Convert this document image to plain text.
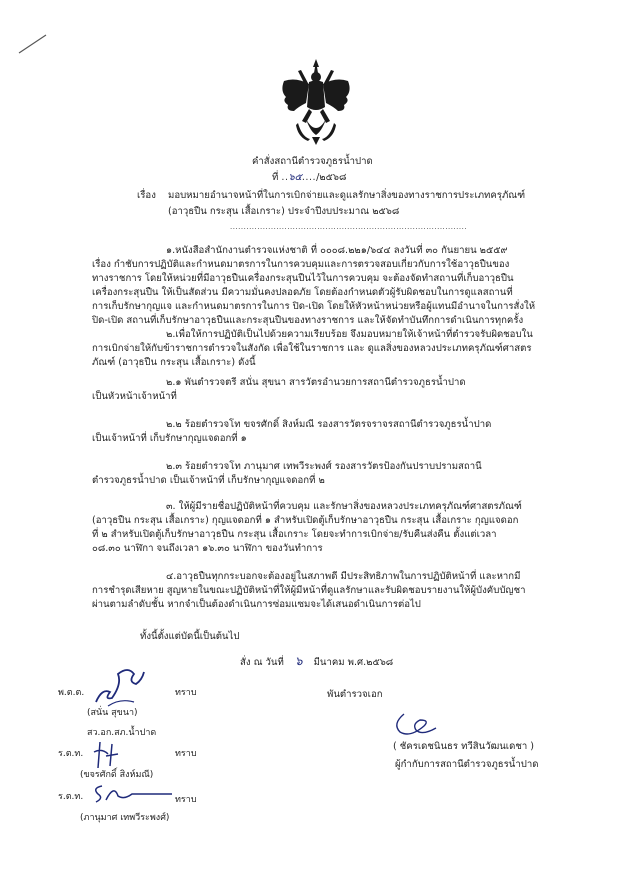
คำสั่งสถานีตำรวจภูธรน้ำปาด
ที่ ..๖๕..../๒๕๖๘
เรื่อง มอบหมายอำนาจหน้าที่ในการเบิกจ่ายและดูแลรักษาสิ่งของทางราชการประเภทครุภัณฑ์
(อาวุธปืน กระสุน เสื้อเกราะ) ประจำปีงบประมาณ ๒๕๖๘
.......................................................................................
๑.หนังสือสำนักงานตำรวจแห่งชาติ ที่ ๐๐๐๘.๒๒๑/๖๔๔ ลงวันที่ ๓๐ กันยายน ๒๕๕๙
เรื่อง กำชับการปฏิบัติและกำหนดมาตรการในการควบคุมและการตรวจสอบเกี่ยวกับการใช้อาวุธปืนของ
ทางราชการ โดยให้หน่วยที่มีอาวุธปืนเครื่องกระสุนปืนไว้ในการควบคุม จะต้องจัดทำสถานที่เก็บอาวุธปืน
เครื่องกระสุนปืน ให้เป็นสัดส่วน มีความมั่นคงปลอดภัย โดยต้องกำหนดตัวผู้รับผิดชอบในการดูแลสถานที่
การเก็บรักษากุญแจ และกำหนดมาตรการในการ ปิด-เปิด โดยให้หัวหน้าหน่วยหรือผู้แทนมีอำนาจในการสั่งให้
ปิด-เปิด สถานที่เก็บรักษาอาวุธปืนและกระสุนปืนของทางราชการ และให้จัดทำบันทึกการดำเนินการทุกครั้ง
๒.เพื่อให้การปฏิบัติเป็นไปด้วยความเรียบร้อย จึงมอบหมายให้เจ้าหน้าที่ตำรวจรับผิดชอบใน
การเบิกจ่ายให้กับข้าราชการตำรวจในสังกัด เพื่อใช้ในราชการ และ ดูแลสิ่งของหลวงประเภทครุภัณฑ์ศาสตร
ภัณฑ์ (อาวุธปืน กระสุน เสื้อเกราะ) ดังนี้
๒.๑ พันตำรวจตรี สนั่น สุขนา สารวัตรอำนวยการสถานีตำรวจภูธรน้ำปาด
เป็นหัวหน้าเจ้าหน้าที่
๒.๒ ร้อยตำรวจโท ขจรศักดิ์ สิงห์มณี รองสารวัตรจราจรสถานีตำรวจภูธรน้ำปาด
เป็นเจ้าหน้าที่ เก็บรักษากุญแจดอกที่ ๑
๒.๓ ร้อยตำรวจโท ภานุมาศ เทพวีระพงศ์ รองสารวัตรป้องกันปราบปรามสถานี
ตำรวจภูธรน้ำปาด เป็นเจ้าหน้าที่ เก็บรักษากุญแจดอกที่ ๒
๓. ให้ผู้มีรายชื่อปฏิบัติหน้าที่ควบคุม และรักษาสิ่งของหลวงประเภทครุภัณฑ์ศาสตรภัณฑ์
(อาวุธปืน กระสุน เสื้อเกราะ) กุญแจดอกที่ ๑ สำหรับเปิดตู้เก็บรักษาอาวุธปืน กระสุน เสื้อเกราะ กุญแจดอก
ที่ ๒ สำหรับเปิดตู้เก็บรักษาอาวุธปืน กระสุน เสื้อเกราะ โดยจะทำการเบิกจ่าย/รับคืนส่งคืน ตั้งแต่เวลา
๐๘.๓๐ นาฬิกา จนถึงเวลา ๑๖.๓๐ นาฬิกา ของวันทำการ
๔.อาวุธปืนทุกกระบอกจะต้องอยู่ในสภาพดี มีประสิทธิภาพในการปฏิบัติหน้าที่ และหากมี
การชำรุดเสียหาย สูญหายในขณะปฏิบัติหน้าที่ให้ผู้มีหน้าที่ดูแลรักษาและรับผิดชอบรายงานให้ผู้บังคับบัญชา
ผ่านตามลำดับชั้น หากจำเป็นต้องดำเนินการซ่อมแซมจะได้เสนอดำเนินการต่อไป
ทั้งนี้ตั้งแต่บัดนี้เป็นต้นไป
สั่ง ณ วันที่ ๖ มีนาคม พ.ศ.๒๕๖๘
พันตำรวจเอก
( ชัครเดชนินธร ทวีสินวัฒนเดชา )
ผู้กำกับการสถานีตำรวจภูธรน้ำปาด
พ.ต.ต.	ทราบ
(สนั่น สุขนา)
สว.อก.สภ.น้ำปาด
ร.ต.ท.	ทราบ
(ขจรศักดิ์ สิงห์มณี)
ร.ต.ท.	ทราบ
(ภานุมาศ เทพวีระพงศ์)
